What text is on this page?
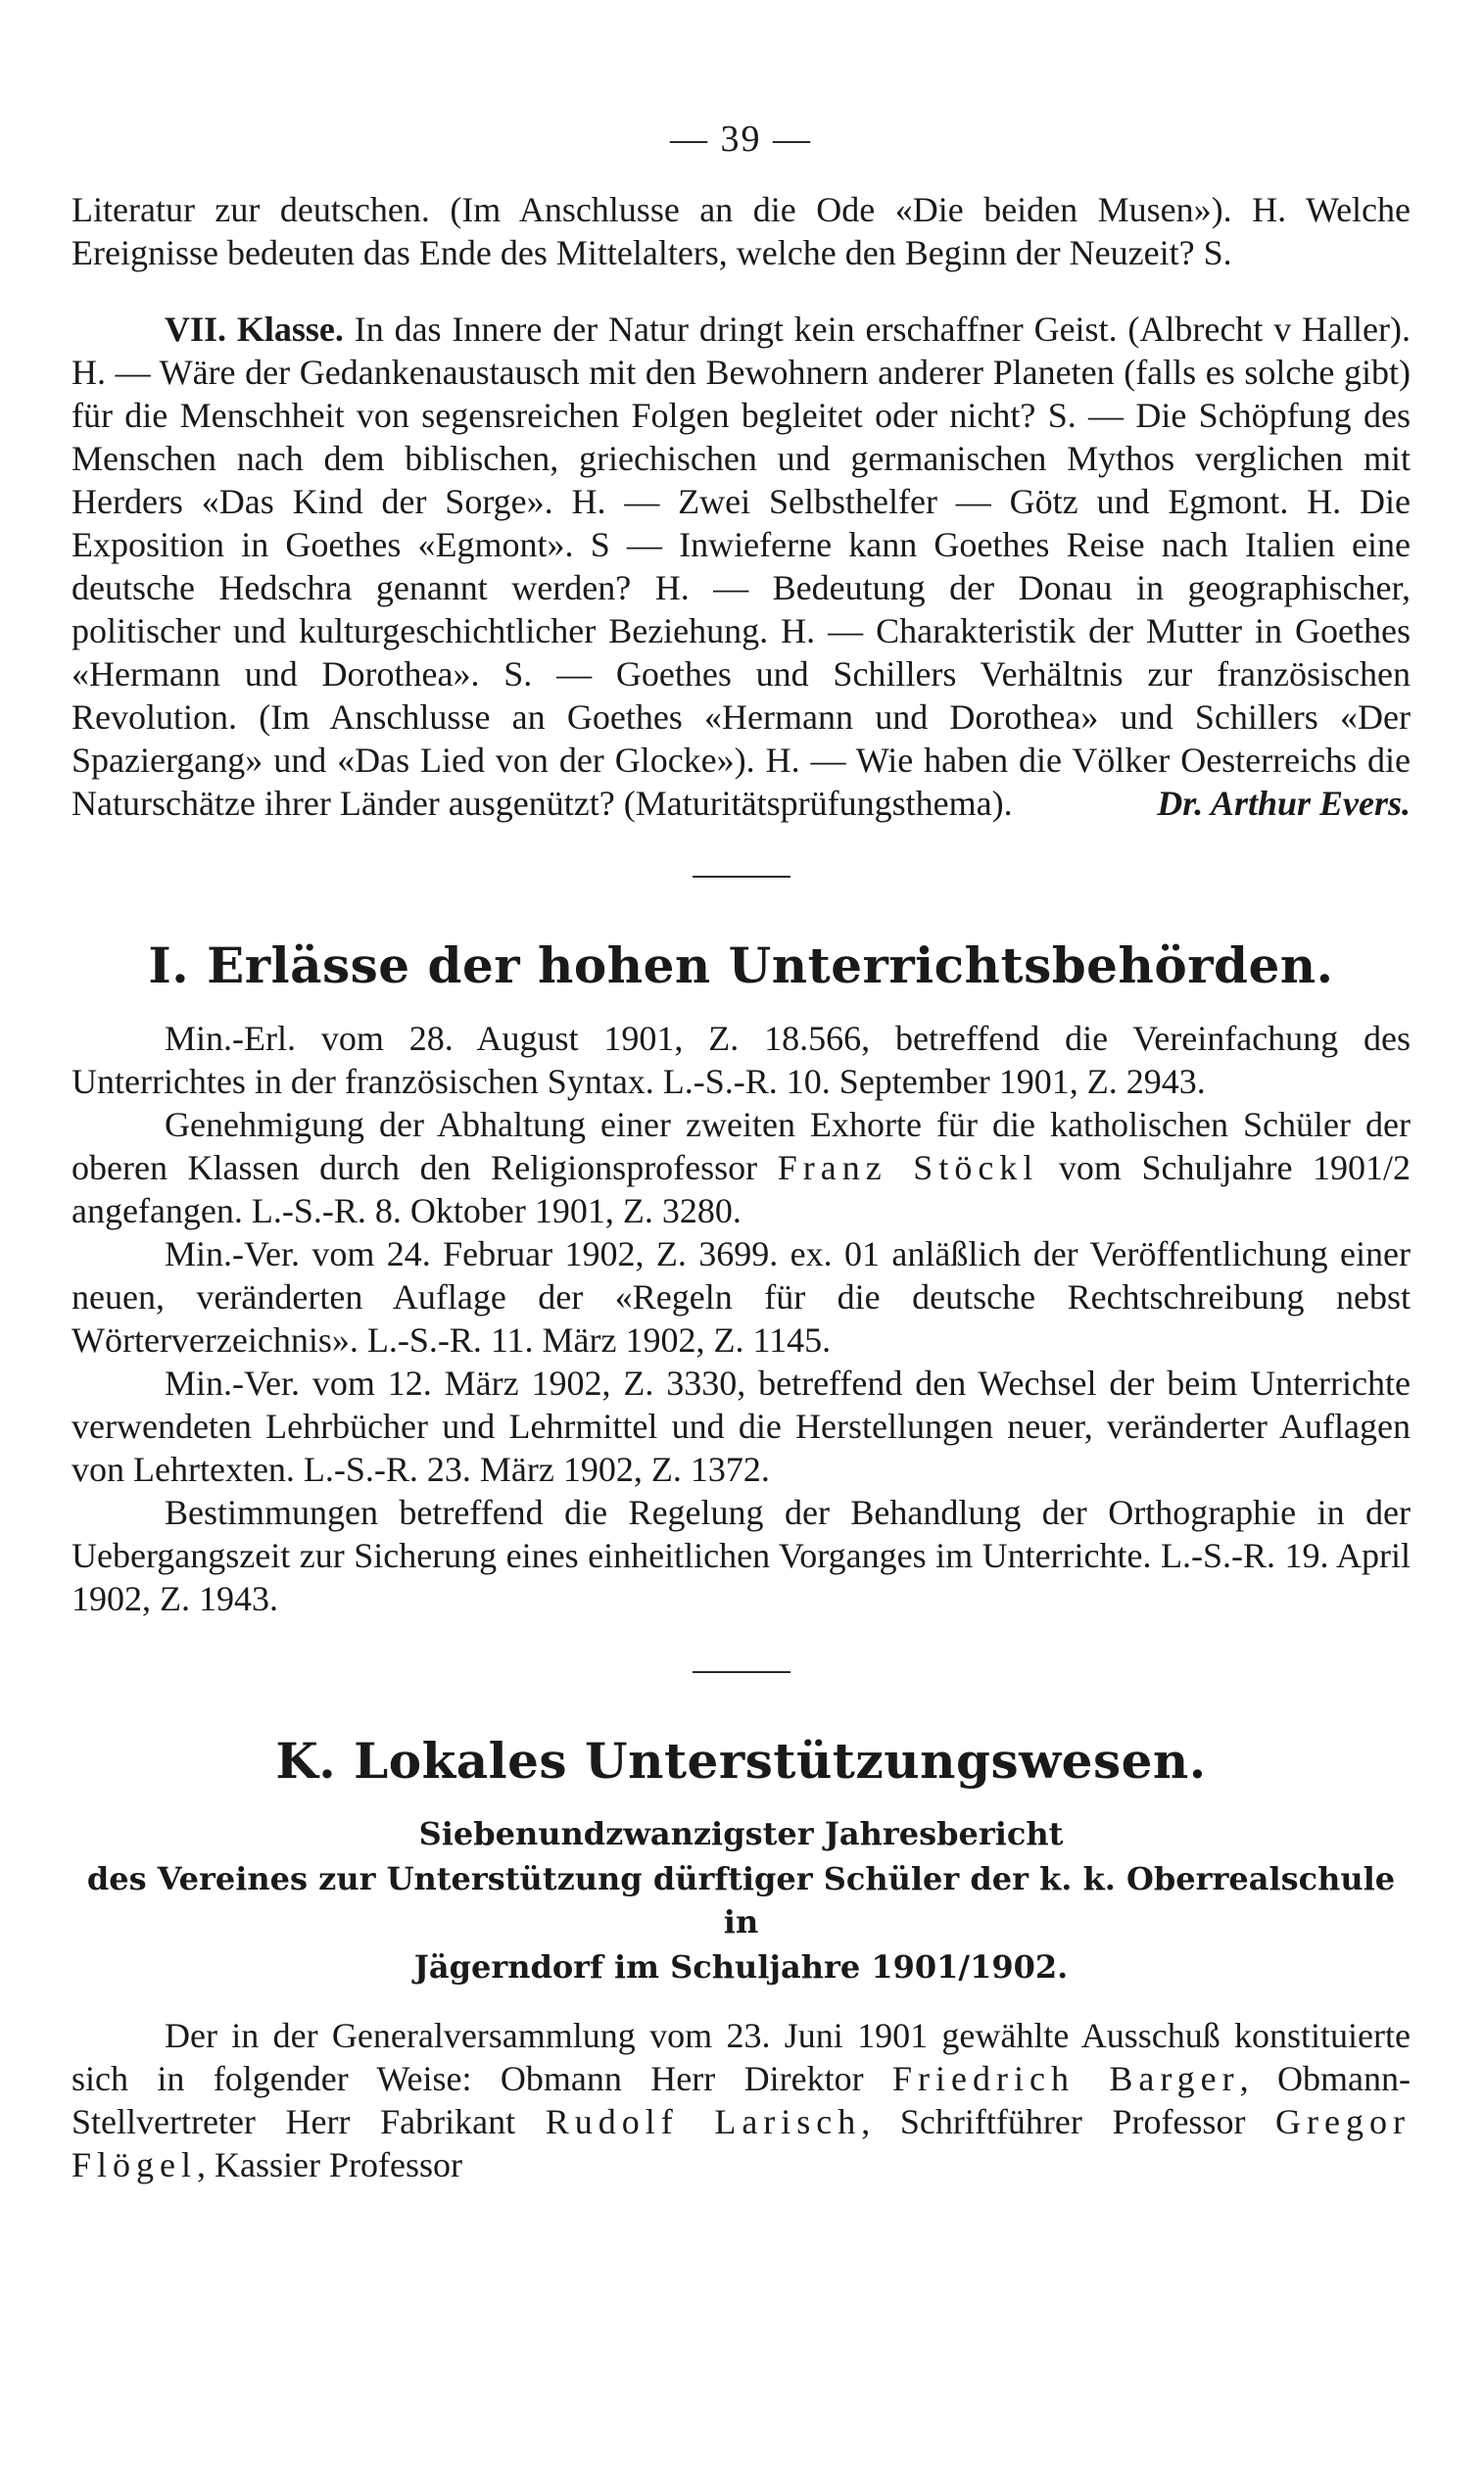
— 39 —

Literatur zur deutschen. (Im Anschlusse an die Ode «Die beiden Musen»). H. Welche Ereignisse bedeuten das Ende des Mittelalters, welche den Beginn der Neuzeit? S.

VII. Klasse. In das Innere der Natur dringt kein erschaffner Geist. (Albrecht v Haller). H. — Wäre der Gedankenaustausch mit den Bewohnern anderer Planeten (falls es solche gibt) für die Menschheit von segensreichen Folgen begleitet oder nicht? S. — Die Schöpfung des Menschen nach dem biblischen, griechischen und germanischen Mythos verglichen mit Herders «Das Kind der Sorge». H. — Zwei Selbsthelfer — Götz und Egmont. H. Die Exposition in Goethes «Egmont». S — Inwieferne kann Goethes Reise nach Italien eine deutsche Hedschra genannt werden? H. — Bedeutung der Donau in geographischer, politischer und kulturgeschichtlicher Beziehung. H. — Charakteristik der Mutter in Goethes «Hermann und Dorothea». S. — Goethes und Schillers Verhältnis zur französischen Revolution. (Im Anschlusse an Goethes «Hermann und Dorothea» und Schillers «Der Spaziergang» und «Das Lied von der Glocke»). H. — Wie haben die Völker Oesterreichs die Naturschätze ihrer Länder ausgenützt? (Maturitätsprüfungsthema).	Dr. Arthur Evers.

I. Erlässe der hohen Unterrichtsbehörden.

Min.-Erl. vom 28. August 1901, Z. 18.566, betreffend die Vereinfachung des Unterrichtes in der französischen Syntax. L.-S.-R. 10. September 1901, Z. 2943.

Genehmigung der Abhaltung einer zweiten Exhorte für die katholischen Schüler der oberen Klassen durch den Religionsprofessor Franz Stöckl vom Schuljahre 1901/2 angefangen. L.-S.-R. 8. Oktober 1901, Z. 3280.

Min.-Ver. vom 24. Februar 1902, Z. 3699. ex. 01 anläßlich der Veröffentlichung einer neuen, veränderten Auflage der «Regeln für die deutsche Rechtschreibung nebst Wörterverzeichnis». L.-S.-R. 11. März 1902, Z. 1145.

Min.-Ver. vom 12. März 1902, Z. 3330, betreffend den Wechsel der beim Unterrichte verwendeten Lehrbücher und Lehrmittel und die Herstellungen neuer, veränderter Auflagen von Lehrtexten. L.-S.-R. 23. März 1902, Z. 1372.

Bestimmungen betreffend die Regelung der Behandlung der Orthographie in der Uebergangszeit zur Sicherung eines einheitlichen Vorganges im Unterrichte. L.-S.-R. 19. April 1902, Z. 1943.

K. Lokales Unterstützungswesen.
Siebenundzwanzigster Jahresbericht
des Vereines zur Unterstützung dürftiger Schüler der k. k. Oberrealschule in
Jägerndorf im Schuljahre 1901/1902.

Der in der Generalversammlung vom 23. Juni 1901 gewählte Ausschuß konstituierte sich in folgender Weise: Obmann Herr Direktor Friedrich Barger, Obmann-Stellvertreter Herr Fabrikant Rudolf Larisch, Schriftführer Professor Gregor Flögel, Kassier Professor
